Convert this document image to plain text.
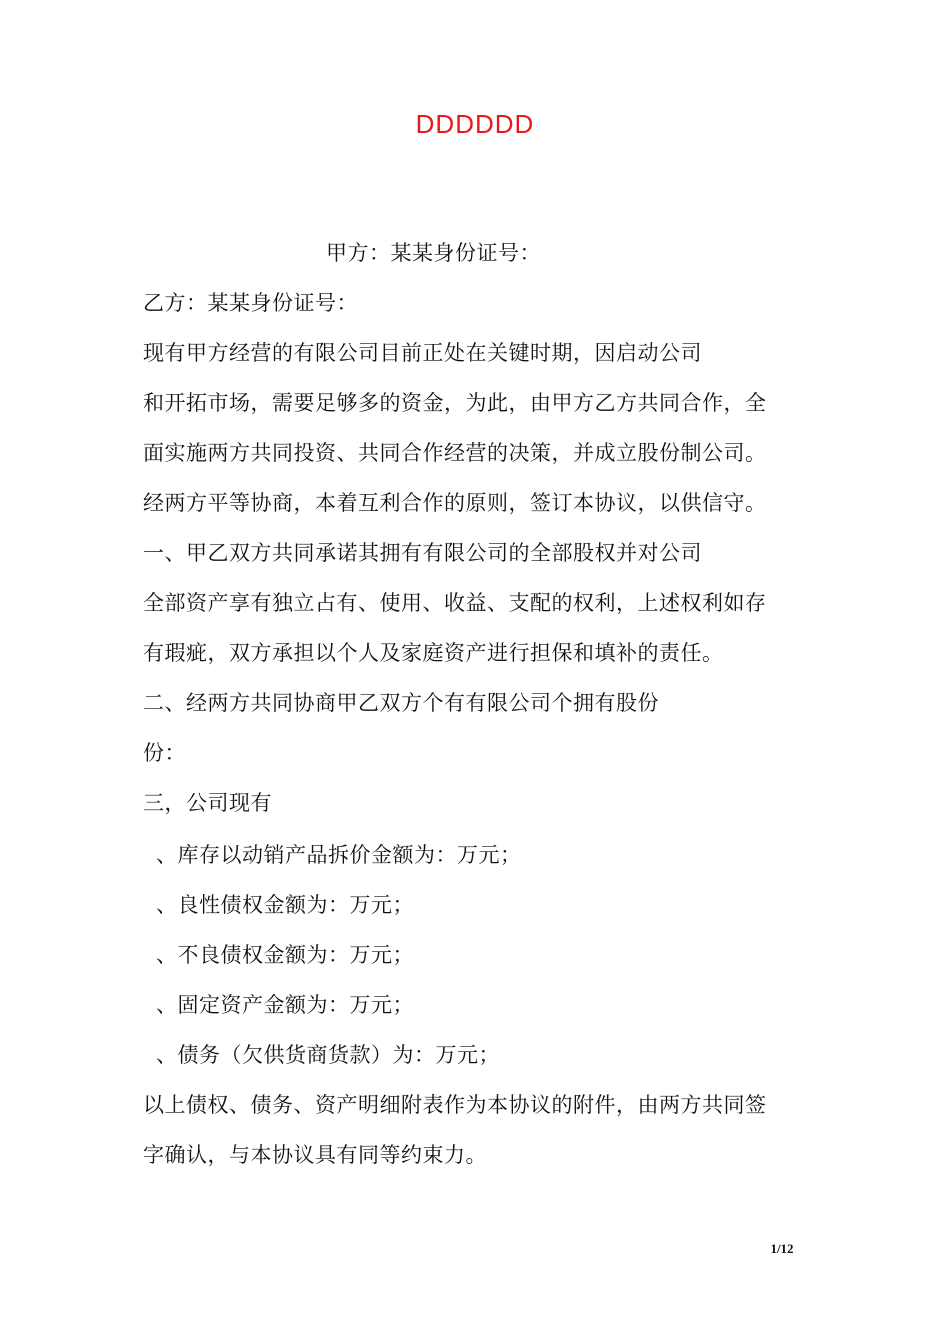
DDDDDD
甲方：某某身份证号：
乙方：某某身份证号：
现有甲方经营的有限公司目前正处在关键时期，因启动公司
和开拓市场，需要足够多的资金，为此，由甲方乙方共同合作，全
面实施两方共同投资、共同合作经营的决策，并成立股份制公司。
经两方平等协商，本着互利合作的原则，签订本协议，以供信守。
一、甲乙双方共同承诺其拥有有限公司的全部股权并对公司
全部资产享有独立占有、使用、收益、支配的权利，上述权利如存
有瑕疵，双方承担以个人及家庭资产进行担保和填补的责任。
二、经两方共同协商甲乙双方个有有限公司个拥有股份
份：
三，公司现有
、库存以动销产品拆价金额为：万元；
、良性债权金额为：万元；
、不良债权金额为：万元；
、固定资产金额为：万元；
、债务（欠供货商货款）为：万元；
以上债权、债务、资产明细附表作为本协议的附件，由两方共同签
字确认，与本协议具有同等约束力。
1/12
